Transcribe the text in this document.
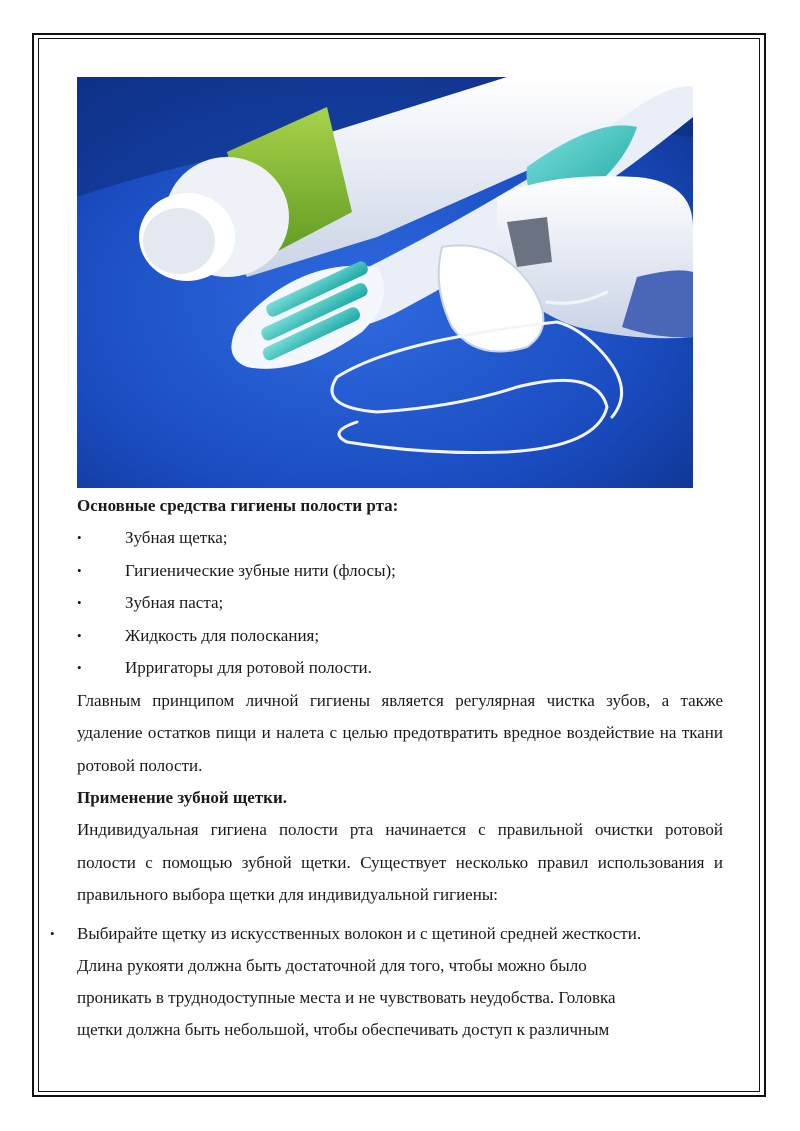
Основные средства гигиены полости рта:
•	Зубная щетка;
•	Гигиенические зубные нити (флосы);
•	Зубная паста;
•	Жидкость для полоскания;
•	Ирригаторы для ротовой полости.

Главным принципом личной гигиены является регулярная чистка зубов, а также удаление остатков пищи и налета с целью предотвратить вредное воздействие на ткани ротовой полости.

Применение зубной щетки.

Индивидуальная гигиена полости рта начинается с правильной очистки ротовой полости с помощью зубной щетки. Существует несколько правил использования и правильного выбора щетки для индивидуальной гигиены:

• Выбирайте щетку из искусственных волокон и с щетиной средней жесткости.
Длина рукояти должна быть достаточной для того, чтобы можно было
проникать в труднодоступные места и не чувствовать неудобства. Головка
щетки должна быть небольшой, чтобы обеспечивать доступ к различным
